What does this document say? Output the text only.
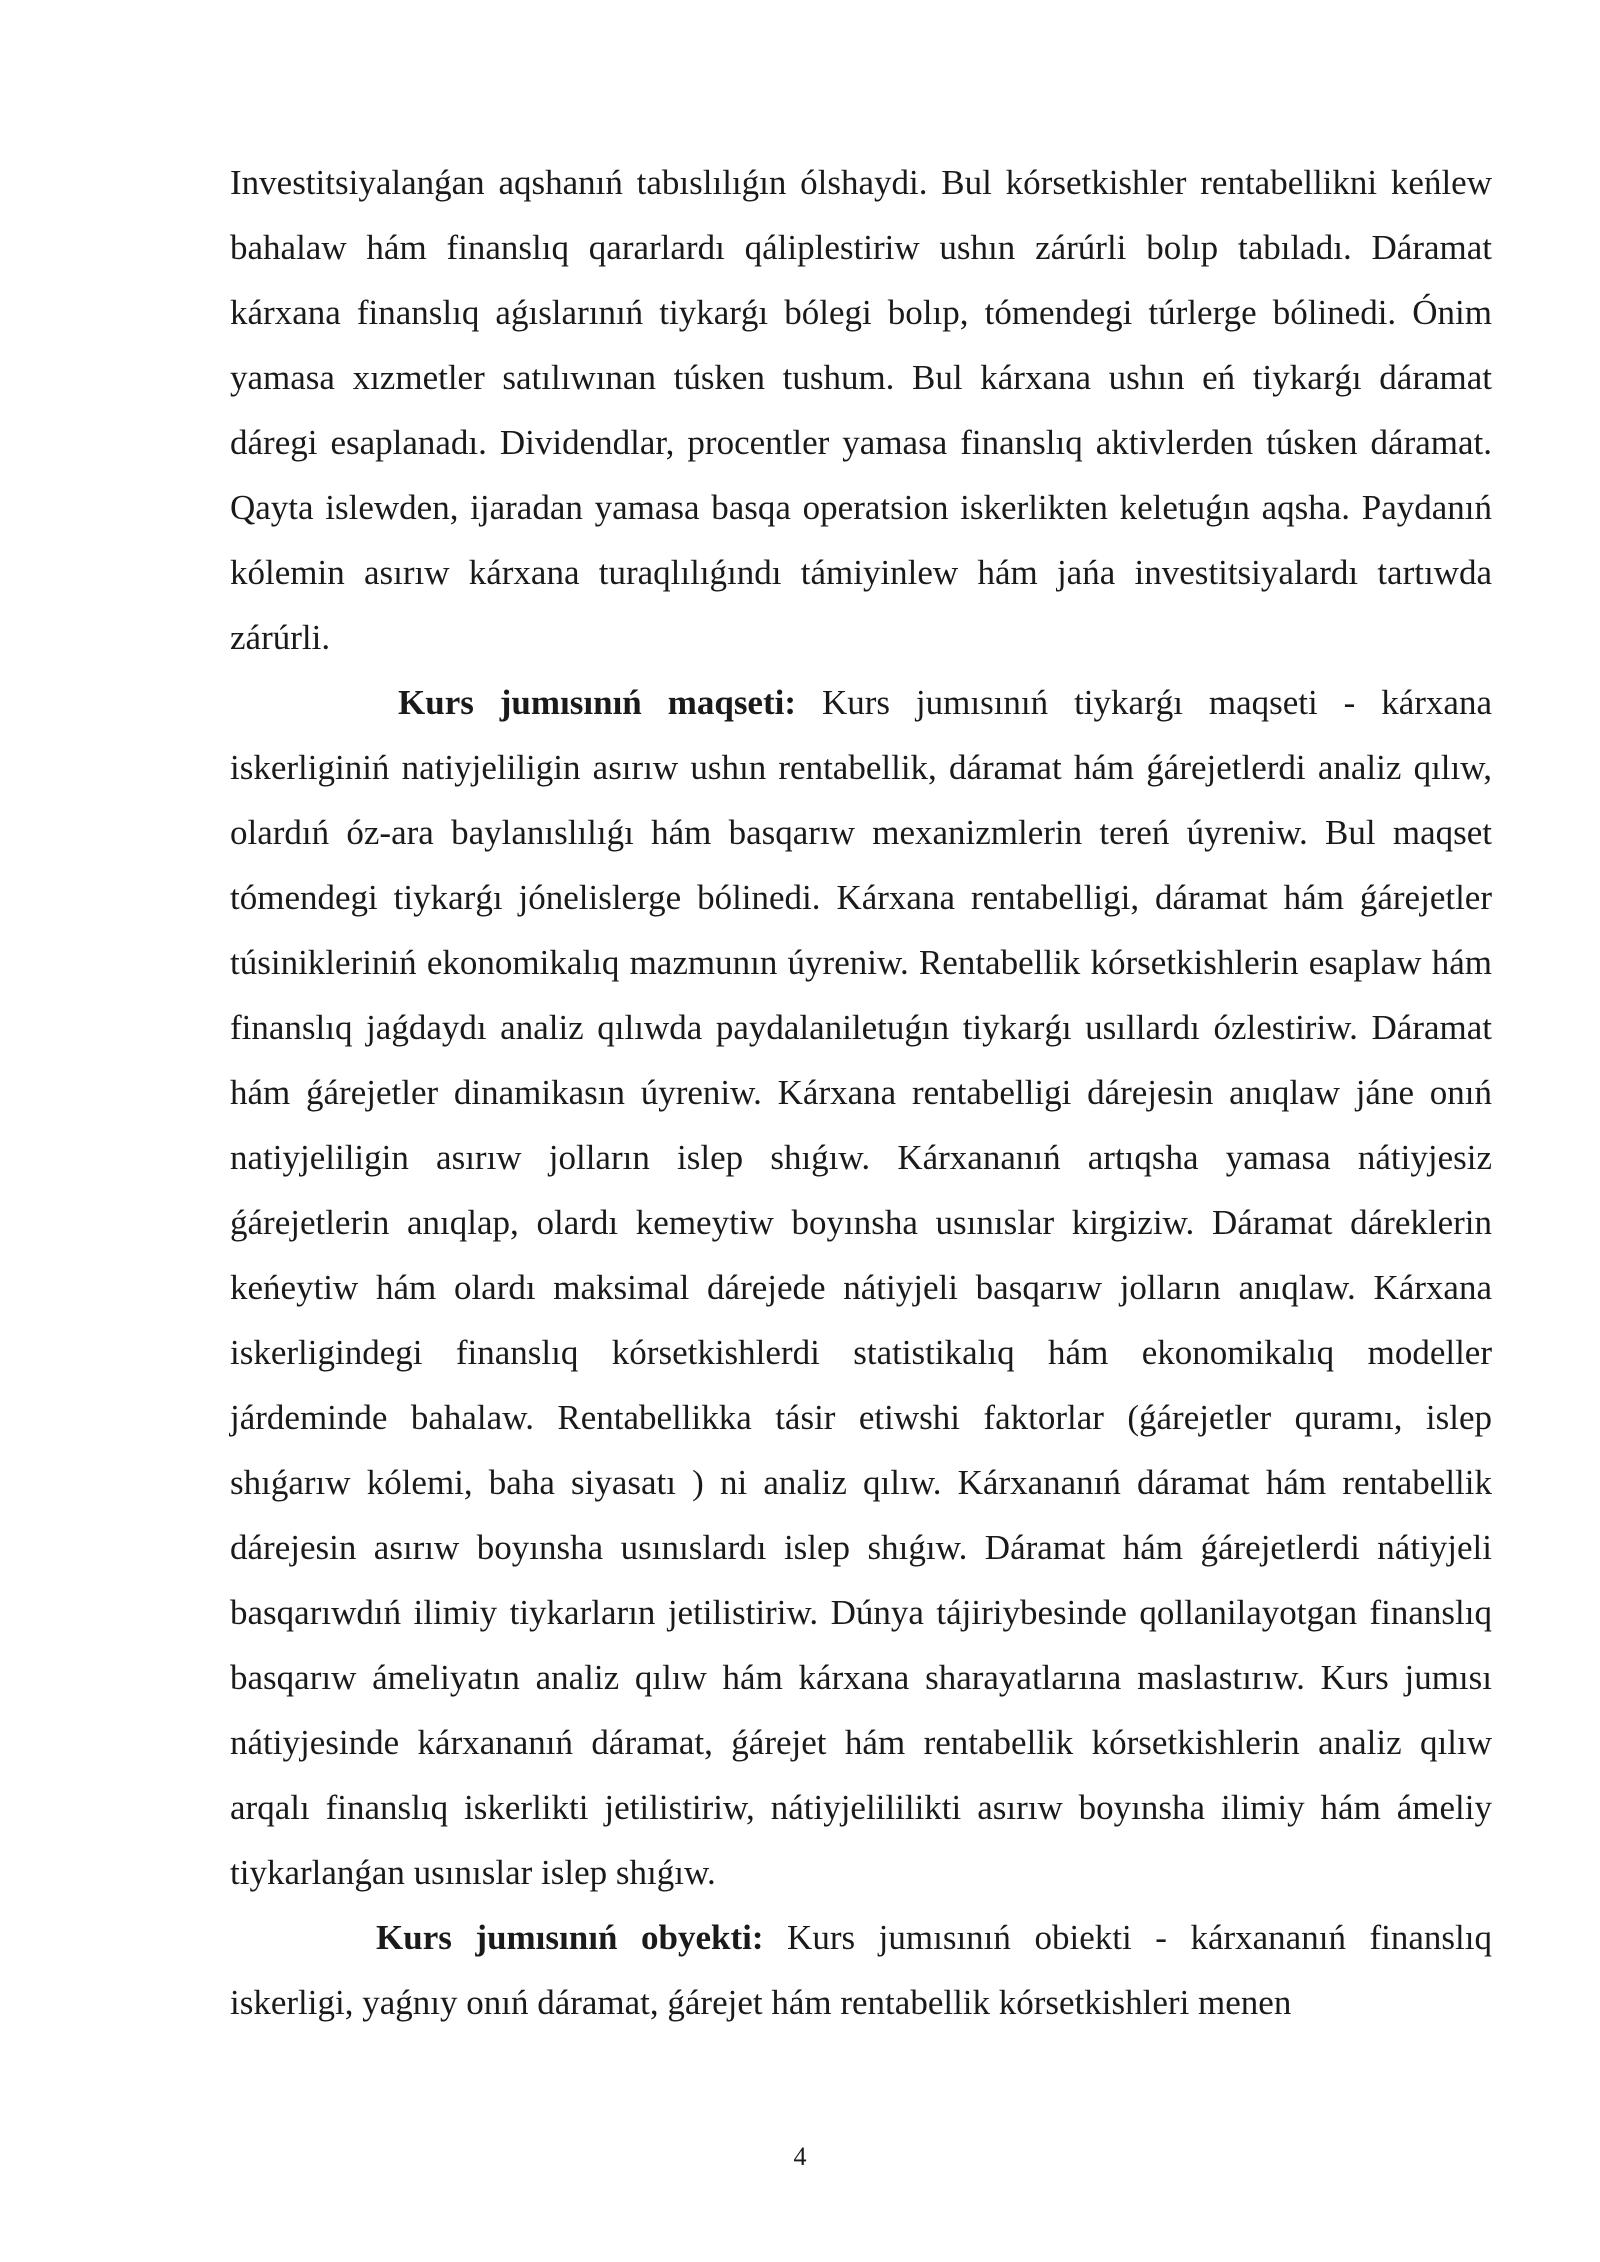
Investitsiyalanǵan aqshanıń tabıslılıǵın ólshaydi. Bul kórsetkishler rentabellikni keńlew bahalaw hám finanslıq qararlardı qáliplestiriw ushın zárúrli bolıp tabıladı. Dáramat kárxana finanslıq aǵıslarınıń tiykarǵı bólegi bolıp, tómendegi túrlerge bólinedi. Ónim yamasa xızmetler satılıwınan túsken tushum. Bul kárxana ushın eń tiykarǵı dáramat dáregi esaplanadı. Dividendlar, procentler yamasa finanslıq aktivlerden túsken dáramat. Qayta islewden, ijaradan yamasa basqa operatsion iskerlikten keletuǵın aqsha. Paydanıń kólemin asırıw kárxana turaqlılıǵındı támiyinlew hám jańa investitsiyalardı tartıwda zárúrli.

Kurs jumısınıń maqseti: Kurs jumısınıń tiykarǵı maqseti - kárxana iskerliginiń natiyjeliligin asırıw ushın rentabellik, dáramat hám ǵárejetlerdi analiz qılıw, olardıń óz-ara baylanıslılıǵı hám basqarıw mexanizmlerin tereń úyreniw. Bul maqset tómendegi tiykarǵı jónelislerge bólinedi. Kárxana rentabelligi, dáramat hám ǵárejetler túsinikleriniń ekonomikalıq mazmunın úyreniw. Rentabellik kórsetkishlerin esaplaw hám finanslıq jaǵdaydı analiz qılıwda paydalaniletuǵın tiykarǵı usıllardı ózlestiriw. Dáramat hám ǵárejetler dinamikasın úyreniw. Kárxana rentabelligi dárejesin anıqlaw jáne onıń natiyjeliligin asırıw jolların islep shıǵıw. Kárxananıń artıqsha yamasa nátiyjesiz ǵárejetlerin anıqlap, olardı kemeytiw boyınsha usınıslar kirgiziw. Dáramat dáreklerin keńeytiw hám olardı maksimal dárejede nátiyjeli basqarıw jolların anıqlaw. Kárxana iskerligindegi finanslıq kórsetkishlerdi statistikalıq hám ekonomikalıq modeller járdeminde bahalaw. Rentabellikka tásir etiwshi faktorlar (ǵárejetler quramı, islep shıǵarıw kólemi, baha siyasatı ) ni analiz qılıw. Kárxananıń dáramat hám rentabellik dárejesin asırıw boyınsha usınıslardı islep shıǵıw. Dáramat hám ǵárejetlerdi nátiyjeli basqarıwdıń ilimiy tiykarların jetilistiriw. Dúnya tájiriybesinde qollanilayotgan finanslıq basqarıw ámeliyatın analiz qılıw hám kárxana sharayatlarına maslastırıw. Kurs jumısı nátiyjesinde kárxananıń dáramat, ǵárejet hám rentabellik kórsetkishlerin analiz qılıw arqalı finanslıq iskerlikti jetilistiriw, nátiyjelililikti asırıw boyınsha ilimiy hám ámeliy tiykarlanǵan usınıslar islep shıǵıw.

Kurs jumısınıń obyekti: Kurs jumısınıń obiekti - kárxananıń finanslıq iskerligi, yaǵnıy onıń dáramat, ǵárejet hám rentabellik kórsetkishleri menen

4
